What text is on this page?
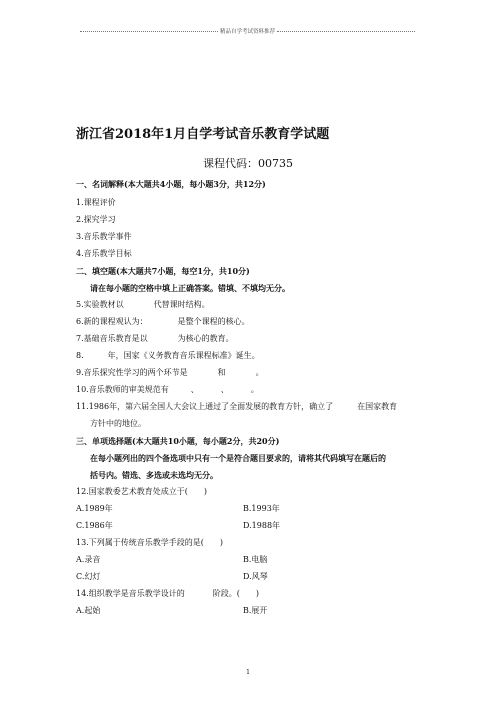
精品自学考试资料推荐
浙江省2018年1月自学考试音乐教育学试题
课程代码：00735
一、名词解释(本大题共4小题，每小题3分，共12分)
1.课程评价
2.探究学习
3.音乐教学事件
4.音乐教学目标
二、填空题(本大题共7小题，每空1分，共10分)
请在每小题的空格中填上正确答案。错填、不填均无分。
5.实验教材以	代替课时结构。
6.新的课程观认为：	是整个课程的核心。
7.基础音乐教育是以	为核心的教育。
8.	年，国家《义务教育音乐课程标准》诞生。
9.音乐探究性学习的两个环节是	和	。
10.音乐教师的审美规范有	、	、	。
11.1986年，第六届全国人大会议上通过了全面发展的教育方针，确立了	在国家教育
方针中的地位。
三、单项选择题(本大题共10小题，每小题2分，共20分)
在每小题列出的四个备选项中只有一个是符合题目要求的，请将其代码填写在题后的
括号内。错选、多选或未选均无分。
12.国家教委艺术教育处成立于(　　)
A.1989年	B.1993年
C.1986年	D.1988年
13.下列属于传统音乐教学手段的是(　　)
A.录音	B.电脑
C.幻灯	D.风琴
14.组织教学是音乐教学设计的	阶段。(　　)
A.起始	B.展开
1
